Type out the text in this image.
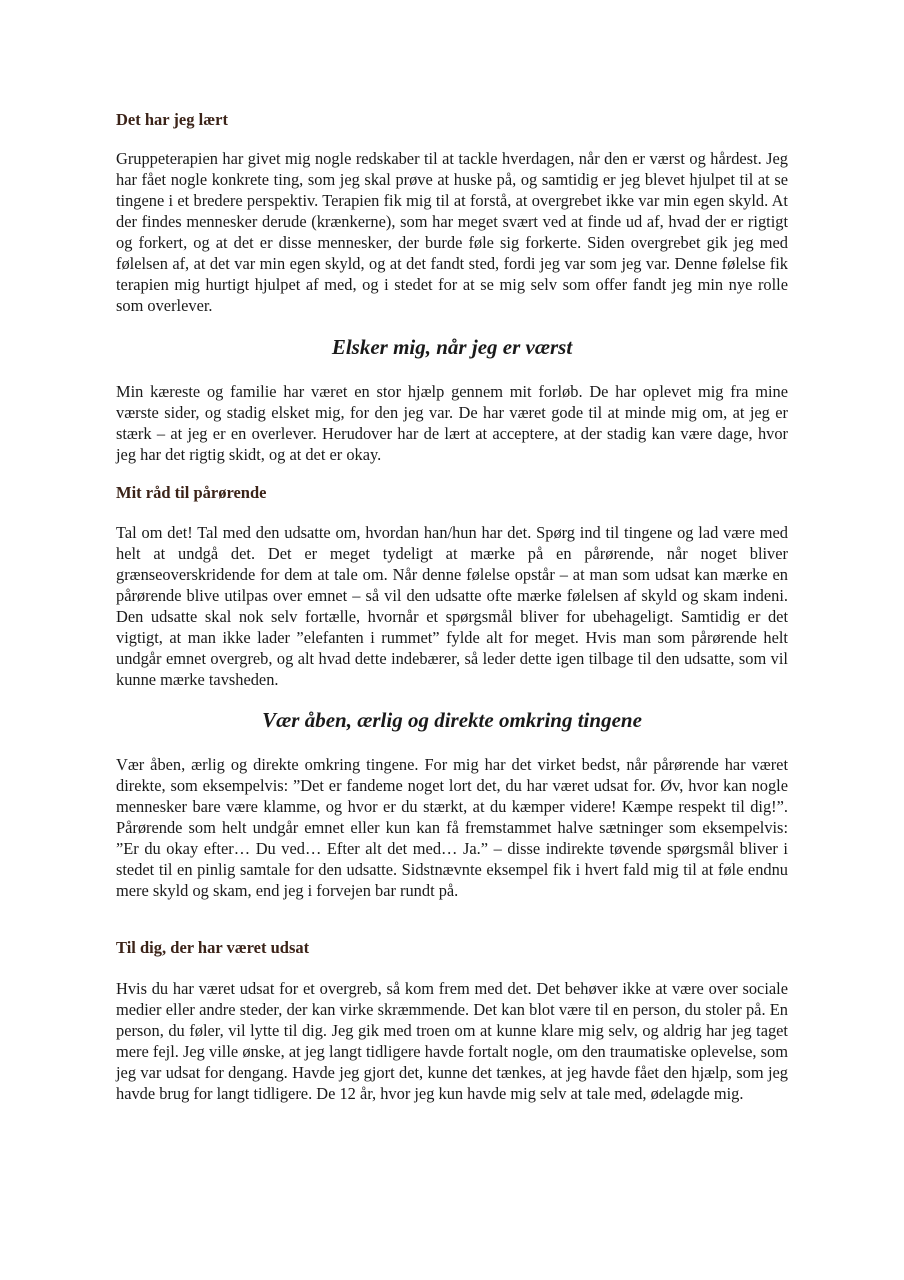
Det har jeg lært

Gruppeterapien har givet mig nogle redskaber til at tackle hverdagen, når den er værst og hårdest. Jeg har fået nogle konkrete ting, som jeg skal prøve at huske på, og samtidig er jeg blevet hjulpet til at se tingene i et bredere perspektiv. Terapien fik mig til at forstå, at overgrebet ikke var min egen skyld. At der findes mennesker derude (krænkerne), som har meget svært ved at finde ud af, hvad der er rigtigt og forkert, og at det er disse mennesker, der burde føle sig forkerte. Siden overgrebet gik jeg med følelsen af, at det var min egen skyld, og at det fandt sted, fordi jeg var som jeg var. Denne følelse fik terapien mig hurtigt hjulpet af med, og i stedet for at se mig selv som offer fandt jeg min nye rolle som overlever.

Elsker mig, når jeg er værst

Min kæreste og familie har været en stor hjælp gennem mit forløb. De har oplevet mig fra mine værste sider, og stadig elsket mig, for den jeg var. De har været gode til at minde mig om, at jeg er stærk – at jeg er en overlever. Herudover har de lært at acceptere, at der stadig kan være dage, hvor jeg har det rigtig skidt, og at det er okay.

Mit råd til pårørende

Tal om det! Tal med den udsatte om, hvordan han/hun har det. Spørg ind til tingene og lad være med helt at undgå det. Det er meget tydeligt at mærke på en pårørende, når noget bliver grænseoverskridende for dem at tale om. Når denne følelse opstår – at man som udsat kan mærke en pårørende blive utilpas over emnet – så vil den udsatte ofte mærke følelsen af skyld og skam indeni. Den udsatte skal nok selv fortælle, hvornår et spørgsmål bliver for ubehageligt. Samtidig er det vigtigt, at man ikke lader ”elefanten i rummet” fylde alt for meget. Hvis man som pårørende helt undgår emnet overgreb, og alt hvad dette indebærer, så leder dette igen tilbage til den udsatte, som vil kunne mærke tavsheden.

Vær åben, ærlig og direkte omkring tingene

Vær åben, ærlig og direkte omkring tingene. For mig har det virket bedst, når pårørende har været direkte, som eksempelvis: ”Det er fandeme noget lort det, du har været udsat for. Øv, hvor kan nogle mennesker bare være klamme, og hvor er du stærkt, at du kæmper videre! Kæmpe respekt til dig!”. Pårørende som helt undgår emnet eller kun kan få fremstammet halve sætninger som eksempelvis: ”Er du okay efter… Du ved… Efter alt det med… Ja.” – disse indirekte tøvende spørgsmål bliver i stedet til en pinlig samtale for den udsatte. Sidstnævnte eksempel fik i hvert fald mig til at føle endnu mere skyld og skam, end jeg i forvejen bar rundt på.

Til dig, der har været udsat

Hvis du har været udsat for et overgreb, så kom frem med det. Det behøver ikke at være over sociale medier eller andre steder, der kan virke skræmmende. Det kan blot være til en person, du stoler på. En person, du føler, vil lytte til dig. Jeg gik med troen om at kunne klare mig selv, og aldrig har jeg taget mere fejl. Jeg ville ønske, at jeg langt tidligere havde fortalt nogle, om den traumatiske oplevelse, som jeg var udsat for dengang. Havde jeg gjort det, kunne det tænkes, at jeg havde fået den hjælp, som jeg havde brug for langt tidligere. De 12 år, hvor jeg kun havde mig selv at tale med, ødelagde mig.
